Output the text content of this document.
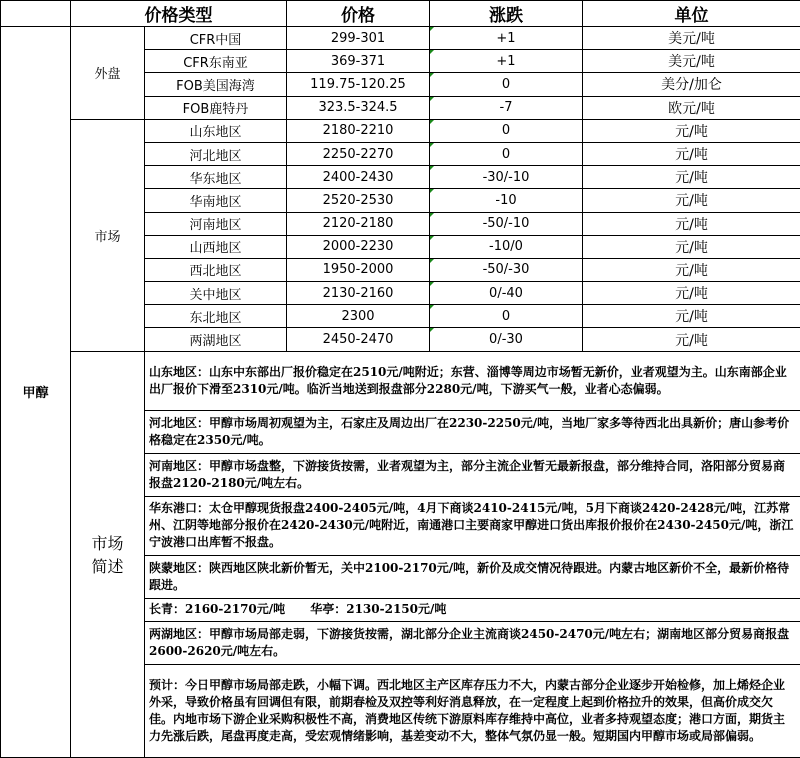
	价格类型		价格	涨跌	单位
甲醇	外盘	CFR中国	299-301	+1	美元/吨
		CFR东南亚	369-371	+1	美元/吨
		FOB美国海湾	119.75-120.25	0	美分/加仑
		FOB鹿特丹	323.5-324.5	-7	欧元/吨
	市场	山东地区	2180-2210	0	元/吨
		河北地区	2250-2270	0	元/吨
		华东地区	2400-2430	-30/-10	元/吨
		华南地区	2520-2530	-10	元/吨
		河南地区	2120-2180	-50/-10	元/吨
		山西地区	2000-2230	-10/0	元/吨
		西北地区	1950-2000	-50/-30	元/吨
		关中地区	2130-2160	0/-40	元/吨
		东北地区	2300	0	元/吨
		两湖地区	2450-2470	0/-30	元/吨
	市场简述	山东地区：山东中东部出厂报价稳定在2510元/吨附近；东营、淄博等周边市场暂无新价，业者观望为主。山东南部企业出厂报价下滑至2310元/吨。临沂当地送到报盘部分2280元/吨，下游买气一般，业者心态偏弱。			
		河北地区：甲醇市场周初观望为主，石家庄及周边出厂在2230-2250元/吨，当地厂家多等待西北出具新价；唐山参考价格稳定在2350元/吨。			
		河南地区：甲醇市场盘整，下游接货按需，业者观望为主，部分主流企业暂无最新报盘，部分维持合同，洛阳部分贸易商报盘2120-2180元/吨左右。			
		华东港口：太仓甲醇现货报盘2400-2405元/吨，4月下商谈2410-2415元/吨，5月下商谈2420-2428元/吨，江苏常州、江阴等地部分报价在2420-2430元/吨附近，南通港口主要商家甲醇进口货出库报价报价在2430-2450元/吨，浙江宁波港口出库暂不报盘。			
		陕蒙地区：陕西地区陕北新价暂无，关中2100-2170元/吨，新价及成交情况待跟进。内蒙古地区新价不全，最新价格待跟进。			
		长青：2160-2170元/吨      华亭：2130-2150元/吨			
		两湖地区：甲醇市场局部走弱，下游接货按需，湖北部分企业主流商谈2450-2470元/吨左右；湖南地区部分贸易商报盘2600-2620元/吨左右。			
		预计：今日甲醇市场局部走跌，小幅下调。西北地区主产区库存压力不大，内蒙古部分企业逐步开始检修，加上烯烃企业外采，导致价格虽有回调但有限，前期春检及双控等利好消息释放，在一定程度上起到价格拉升的效果，但高价成交欠佳。内地市场下游企业采购积极性不高，消费地区传统下游原料库存维持中高位，业者多持观望态度；港口方面，期货主力先涨后跌，尾盘再度走高，受宏观情绪影响，基差变动不大，整体气氛仍显一般。短期国内甲醇市场或局部偏弱。			
